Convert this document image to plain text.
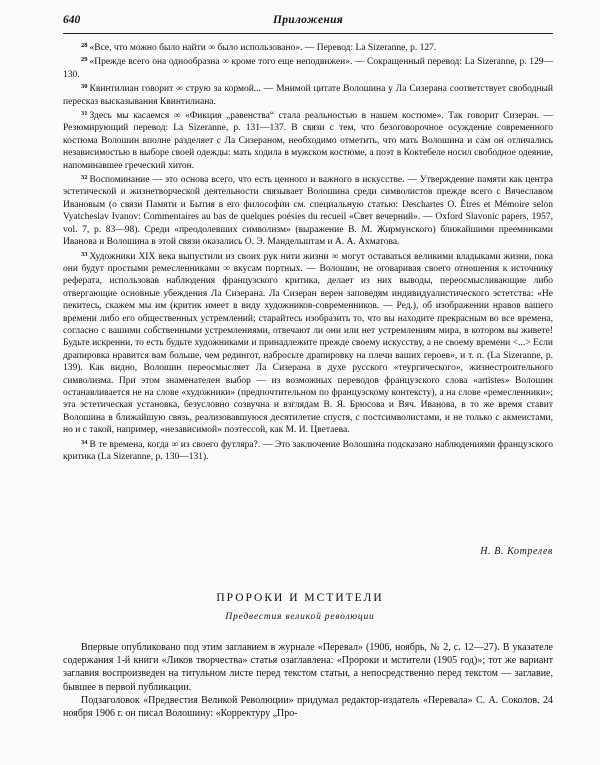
640	Приложения

$^{28}$ «Все, что можно было найти ∞ было использовано». — Перевод: La Sizeranne, p. 127.

$^{29}$ «Прежде всего она однообразна ∞ кроме того еще неподвижен». — Сокращенный перевод: La Sizeranne, p. 129—130.

$^{30}$ Квинтилиан говорит ∞ струю за кормой... — Мнимой цитате Волошина у Ла Сизерана соответствует свободный пересказ высказывания Квинтилиана.

$^{31}$ Здесь мы касаемся ∞ «Фикция „равенства“ стала реальностью в нашем костюме». Так говорит Сизеран. — Резюмирующий перевод: La Sizeranne, p. 131—137. В связи с тем, что безоговорочное осуждение современного костюма Волошин вполне разделяет с Ла Сизераном, необходимо отметить, что мать Волошина и сам он отличались независимостью в выборе своей одежды: мать ходила в мужском костюме, а поэт в Коктебеле носил свободное одеяние, напоминавшее греческий хитон.

$^{32}$ Воспоминание — это основа всего, что есть ценного и важного в искусстве. — Утверждение памяти как центра эстетической и жизнетворческой деятельности связывает Волошина среди символистов прежде всего с Вячеславом Ивановым (о связи Памяти и Бытия в его философии см. специальную статью: Deschartes O. Êtres et Mémoire selon Vyatcheslav Ivanov: Commentaires au bas de quelques poésies du recueil «Свет вечерний». — Oxford Slavonic papers, 1957, vol. 7, p. 83—98). Среди «преодолевших символизм» (выражение В. М. Жирмунского) ближайшими преемниками Иванова и Волошина в этой связи оказались О. Э. Мандельштам и А. А. Ахматова.

$^{33}$ Художники XIX века выпустили из своих рук нити жизни ∞ могут оставаться великими владыками жизни, пока они будут простыми ремесленниками ∞ вкусам портных. — Волошин, не оговаривая своего отношения к источнику реферата, использовав наблюдения французского критика, делает из них выводы, переосмысливающие либо отвергающие основные убеждения Ла Сизерана. Ла Сизеран верен заповедям индивидуалистического эстетства: «Не пекитесь, скажем мы им (критик имеет в виду художников-современников. — Ред.), об изображении нравов вашего времени либо его общественных устремлений; старайтесь изобразить то, что вы находите прекрасным во все времена, согласно с вашими собственными устремлениями, отвечают ли они или нет устремлениям мира, в котором вы живете! Будьте искренни, то есть будьте художниками и принадлежите прежде своему искусству, а не своему времени <...> Если драпировка нравится вам больше, чем редингот, набросьте драпировку на плечи ваших героев», и т. п. (La Sizeranne, p. 139). Как видно, Волошин переосмысляет Ла Сизерана в духе русского «теургического», жизнестроительного символизма. При этом знаменателен выбор — из возможных переводов французского слова «artistes» Волошин останавливается не на слове «художники» (предпочтительном по французскому контексту), а на слове «ремесленники»; эта эстетическая установка, безусловно созвучна и взглядам В. Я. Брюсова и Вяч. Иванова, в то же время ставит Волошина в ближайшую связь, реализовавшуюся десятилетие спустя, с постсимволистами, и не только с акмеистами, но и с такой, например, «независимой» поэтессой, как М. И. Цветаева.

$^{34}$ В те времена, когда ∞ из своего футляра?. — Это заключение Волошина подсказано наблюдениями французского критика (La Sizeranne, p. 130—131).

Н. В. Котрелев
ПРОРОКИ И МСТИТЕЛИ
Предвестия великой революции

Впервые опубликовано под этим заглавием в журнале «Перевал» (1906, ноябрь, № 2, с. 12—27). В указателе содержания 1-й книги «Ликов творчества» статья озаглавлена: «Пророки и мстители (1905 год)»; тот же вариант заглавия воспроизведен на титульном листе перед текстом статьи, а непосредственно перед текстом — заглавие, бывшее в первой публикации.

Подзаголовок «Предвестия Великой Революции» придумал редактор-издатель «Перевала» С. А. Соколов. 24 ноября 1906 г. он писал Волошину: «Корректуру „Про-
